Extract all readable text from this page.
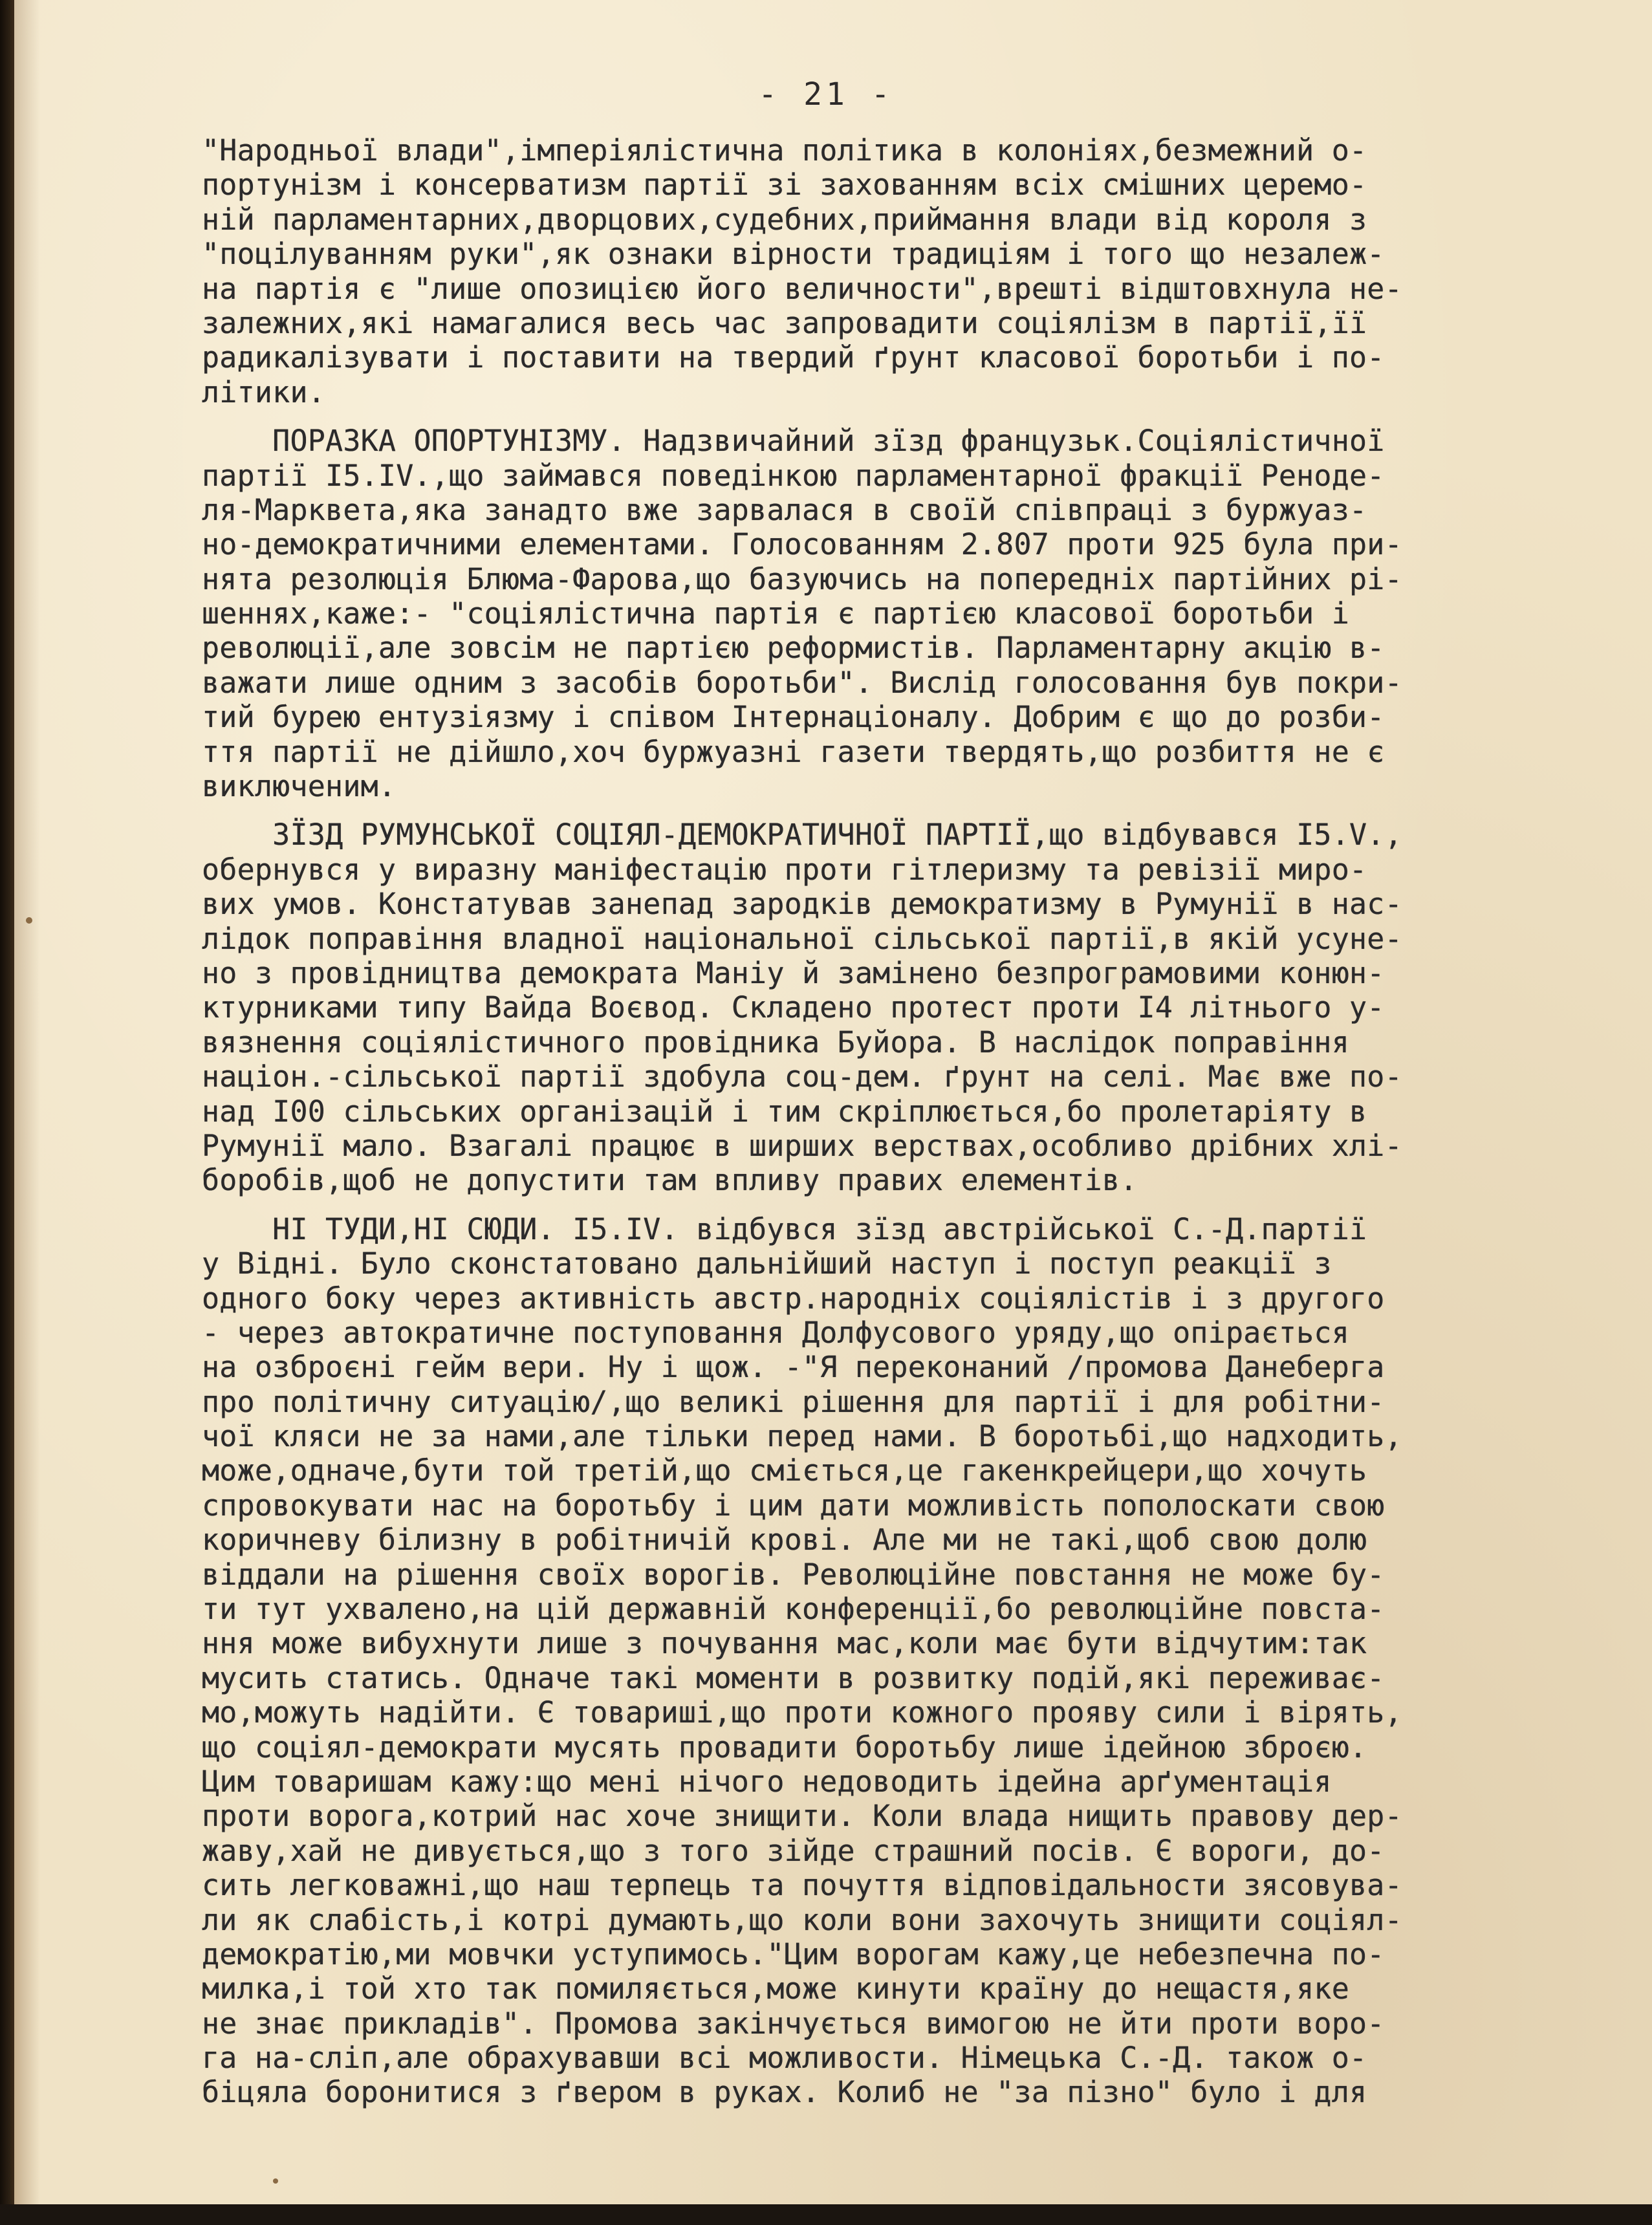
- 21 -
"Народньої влади",імперіялістична політика в колоніях,безмежний о-
портунізм і консерватизм партії зі захованням всіх смішних церемо-
ній парламентарних,дворцових,судебних,приймання влади від короля з
"поцілуванням руки",як ознаки вірности традиціям і того що незалеж-
на партія є "лише опозицією його величности",врешті відштовхнула не-
залежних,які намагалися весь час запровадити соціялізм в партії,її
радикалізувати і поставити на твердий ґрунт класової боротьби і по-
літики.
ПОРАЗКА ОПОРТУНІЗМУ. Надзвичайний зїзд французьк.Соціялістичної
партії I5.IV.,що займався поведінкою парламентарної фракції Реноде-
ля-Марквета,яка занадто вже зарвалася в своїй співпраці з буржуаз-
но-демократичними елементами. Голосованням 2.807 проти 925 була при-
нята резолюція Блюма-Фарова,що базуючись на попередніх партійних рі-
шеннях,каже:- "соціялістична партія є партією класової боротьби і
революції,але зовсім не партією реформистів. Парламентарну акцію в-
важати лише одним з засобів боротьби". Вислід голосовання був покри-
тий бурею ентузіязму і співом Інтернаціоналу. Добрим є що до розби-
ття партії не дійшло,хоч буржуазні газети твердять,що розбиття не є
виключеним.
ЗЇЗД РУМУНСЬКОЇ СОЦІЯЛ-ДЕМОКРАТИЧНОЇ ПАРТІЇ,що відбувався I5.V.,
обернувся у виразну маніфестацію проти гітлеризму та ревізії миро-
вих умов. Констатував занепад зародків демократизму в Румунії в нас-
лідок поправіння владної національної сільської партії,в якій усуне-
но з провідництва демократа Маніу й замінено безпрограмовими конюн-
ктурниками типу Вайда Воєвод. Складено протест проти I4 літнього у-
вязнення соціялістичного провідника Буйора. В наслідок поправіння
націон.-сільської партії здобула соц-дем. ґрунт на селі. Має вже по-
над I00 сільських організацій і тим скріплюється,бо пролетаріяту в
Румунії мало. Взагалі працює в ширших верствах,особливо дрібних хлі-
боробів,щоб не допустити там впливу правих елементів.
НІ ТУДИ,НІ СЮДИ. I5.IV. відбувся зїзд австрійської С.-Д.партії
у Відні. Було сконстатовано дальнійший наступ і поступ реакції з
одного боку через активність австр.народніх соціялістів і з другого
- через автократичне поступовання Долфусового уряду,що опірається
на озброєні гейм вери. Ну і щож. -"Я переконаний /промова Данеберга
про політичну ситуацію/,що великі рішення для партії і для робітни-
чої кляси не за нами,але тільки перед нами. В боротьбі,що надходить,
може,одначе,бути той третій,що сміється,це гакенкрейцери,що хочуть
спровокувати нас на боротьбу і цим дати можливість пополоскати свою
коричневу білизну в робітничій крові. Але ми не такі,щоб свою долю
віддали на рішення своїх ворогів. Революційне повстання не може бу-
ти тут ухвалено,на цій державній конференції,бо революційне повста-
ння може вибухнути лише з почування мас,коли має бути відчутим:так
мусить статись. Одначе такі моменти в розвитку подій,які переживає-
мо,можуть надійти. Є товариші,що проти кожного прояву сили і вірять,
що соціял-демократи мусять провадити боротьбу лише ідейною зброєю.
Цим товаришам кажу:що мені нічого недоводить ідейна арґументація
проти ворога,котрий нас хоче знищити. Коли влада нищить правову дер-
жаву,хай не дивується,що з того зійде страшний посів. Є вороги, до-
сить легковажні,що наш терпець та почуття відповідальности зясовува-
ли як слабість,і котрі думають,що коли вони захочуть знищити соціял-
демократію,ми мовчки уступимось."Цим ворогам кажу,це небезпечна по-
милка,і той хто так помиляється,може кинути країну до нещастя,яке
не знає прикладів". Промова закінчується вимогою не йти проти воро-
га на-сліп,але обрахувавши всі можливости. Німецька С.-Д. також о-
біцяла боронитися з ґвером в руках. Колиб не "за пізно" було і для
